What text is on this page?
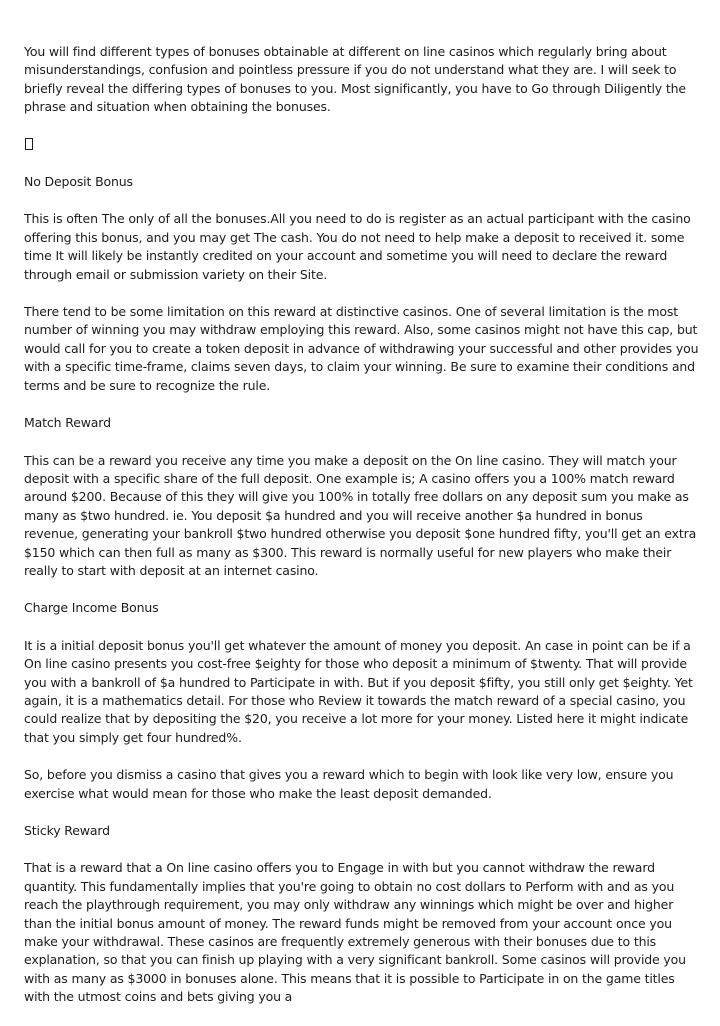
You will find different types of bonuses obtainable at different on line casinos which regularly bring about misunderstandings, confusion and pointless pressure if you do not understand what they are. I will seek to briefly reveal the differing types of bonuses to you. Most significantly, you have to Go through Diligently the phrase and situation when obtaining the bonuses.

No Deposit Bonus

This is often The only of all the bonuses.All you need to do is register as an actual participant with the casino offering this bonus, and you may get The cash. You do not need to help make a deposit to received it. some time It will likely be instantly credited on your account and sometime you will need to declare the reward through email or submission variety on their Site.

There tend to be some limitation on this reward at distinctive casinos. One of several limitation is the most number of winning you may withdraw employing this reward. Also, some casinos might not have this cap, but would call for you to create a token deposit in advance of withdrawing your successful and other provides you with a specific time-frame, claims seven days, to claim your winning. Be sure to examine their conditions and terms and be sure to recognize the rule.

Match Reward

This can be a reward you receive any time you make a deposit on the On line casino. They will match your deposit with a specific share of the full deposit. One example is; A casino offers you a 100% match reward around $200. Because of this they will give you 100% in totally free dollars on any deposit sum you make as many as $two hundred. ie. You deposit $a hundred and you will receive another $a hundred in bonus revenue, generating your bankroll $two hundred otherwise you deposit $one hundred fifty, you'll get an extra $150 which can then full as many as $300. This reward is normally useful for new players who make their really to start with deposit at an internet casino.

Charge Income Bonus

It is a initial deposit bonus you'll get whatever the amount of money you deposit. An case in point can be if a On line casino presents you cost-free $eighty for those who deposit a minimum of $twenty. That will provide you with a bankroll of $a hundred to Participate in with. But if you deposit $fifty, you still only get $eighty. Yet again, it is a mathematics detail. For those who Review it towards the match reward of a special casino, you could realize that by depositing the $20, you receive a lot more for your money. Listed here it might indicate that you simply get four hundred%.

So, before you dismiss a casino that gives you a reward which to begin with look like very low, ensure you exercise what would mean for those who make the least deposit demanded.

Sticky Reward

That is a reward that a On line casino offers you to Engage in with but you cannot withdraw the reward quantity. This fundamentally implies that you're going to obtain no cost dollars to Perform with and as you reach the playthrough requirement, you may only withdraw any winnings which might be over and higher than the initial bonus amount of money. The reward funds might be removed from your account once you make your withdrawal. These casinos are frequently extremely generous with their bonuses due to this explanation, so that you can finish up playing with a very significant bankroll. Some casinos will provide you with as many as $3000 in bonuses alone. This means that it is possible to Participate in on the game titles with the utmost coins and bets giving you a
